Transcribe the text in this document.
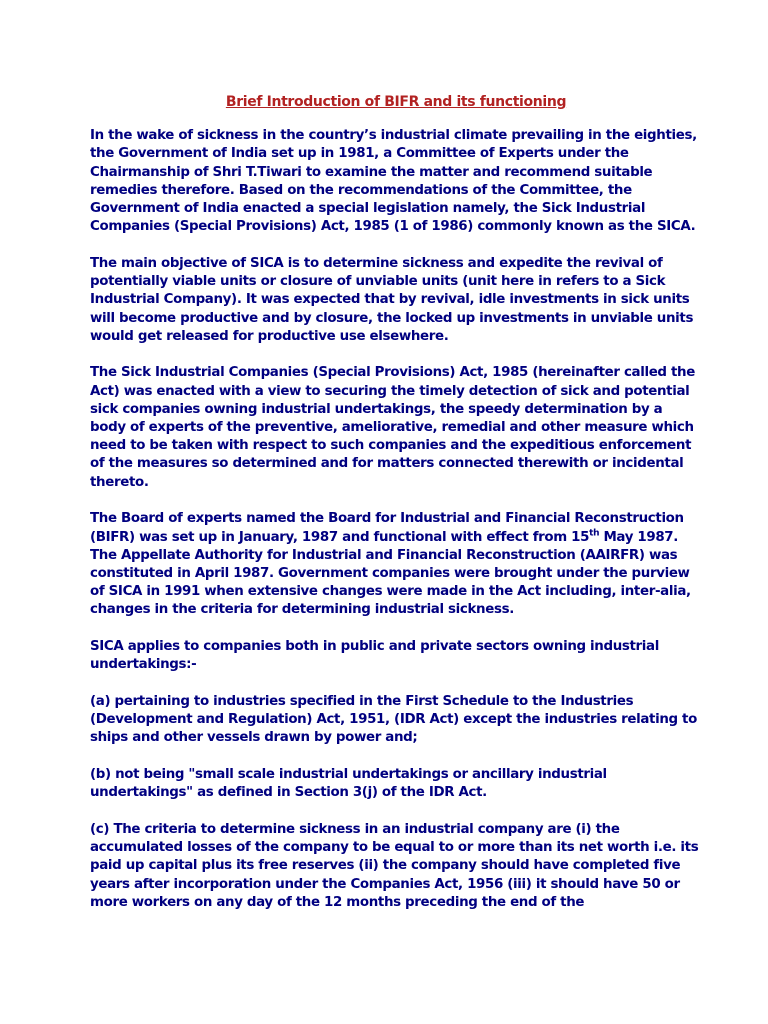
Brief Introduction of BIFR and its functioning

In the wake of sickness in the country’s industrial climate prevailing in the eighties, the Government of India set up in 1981, a Committee of Experts under the Chairmanship of Shri T.Tiwari to examine the matter and recommend suitable remedies therefore. Based on the recommendations of the Committee, the Government of India enacted a special legislation namely, the Sick Industrial Companies (Special Provisions) Act, 1985 (1 of 1986) commonly known as the SICA.

The main objective of SICA is to determine sickness and expedite the revival of potentially viable units or closure of unviable units (unit here in refers to a Sick Industrial Company). It was expected that by revival, idle investments in sick units will become productive and by closure, the locked up investments in unviable units would get released for productive use elsewhere.

The Sick Industrial Companies (Special Provisions) Act, 1985 (hereinafter called the Act) was enacted with a view to securing the timely detection of sick and potential sick companies owning industrial undertakings, the speedy determination by a body of experts of the preventive, ameliorative, remedial and other measure which need to be taken with respect to such companies and the expeditious enforcement of the measures so determined and for matters connected therewith or incidental thereto.

The Board of experts named the Board for Industrial and Financial Reconstruction (BIFR) was set up in January, 1987 and functional with effect from 15th May 1987. The Appellate Authority for Industrial and Financial Reconstruction (AAIRFR) was constituted in April 1987. Government companies were brought under the purview of SICA in 1991 when extensive changes were made in the Act including, inter-alia, changes in the criteria for determining industrial sickness.

SICA applies to companies both in public and private sectors owning industrial undertakings:-

(a) pertaining to industries specified in the First Schedule to the Industries (Development and Regulation) Act, 1951, (IDR Act) except the industries relating to ships and other vessels drawn by power and;

(b) not being "small scale industrial undertakings or ancillary industrial undertakings" as defined in Section 3(j) of the IDR Act.

(c) The criteria to determine sickness in an industrial company are (i) the accumulated losses of the company to be equal to or more than its net worth i.e. its paid up capital plus its free reserves (ii) the company should have completed five years after incorporation under the Companies Act, 1956 (iii) it should have 50 or more workers on any day of the 12 months preceding the end of the
